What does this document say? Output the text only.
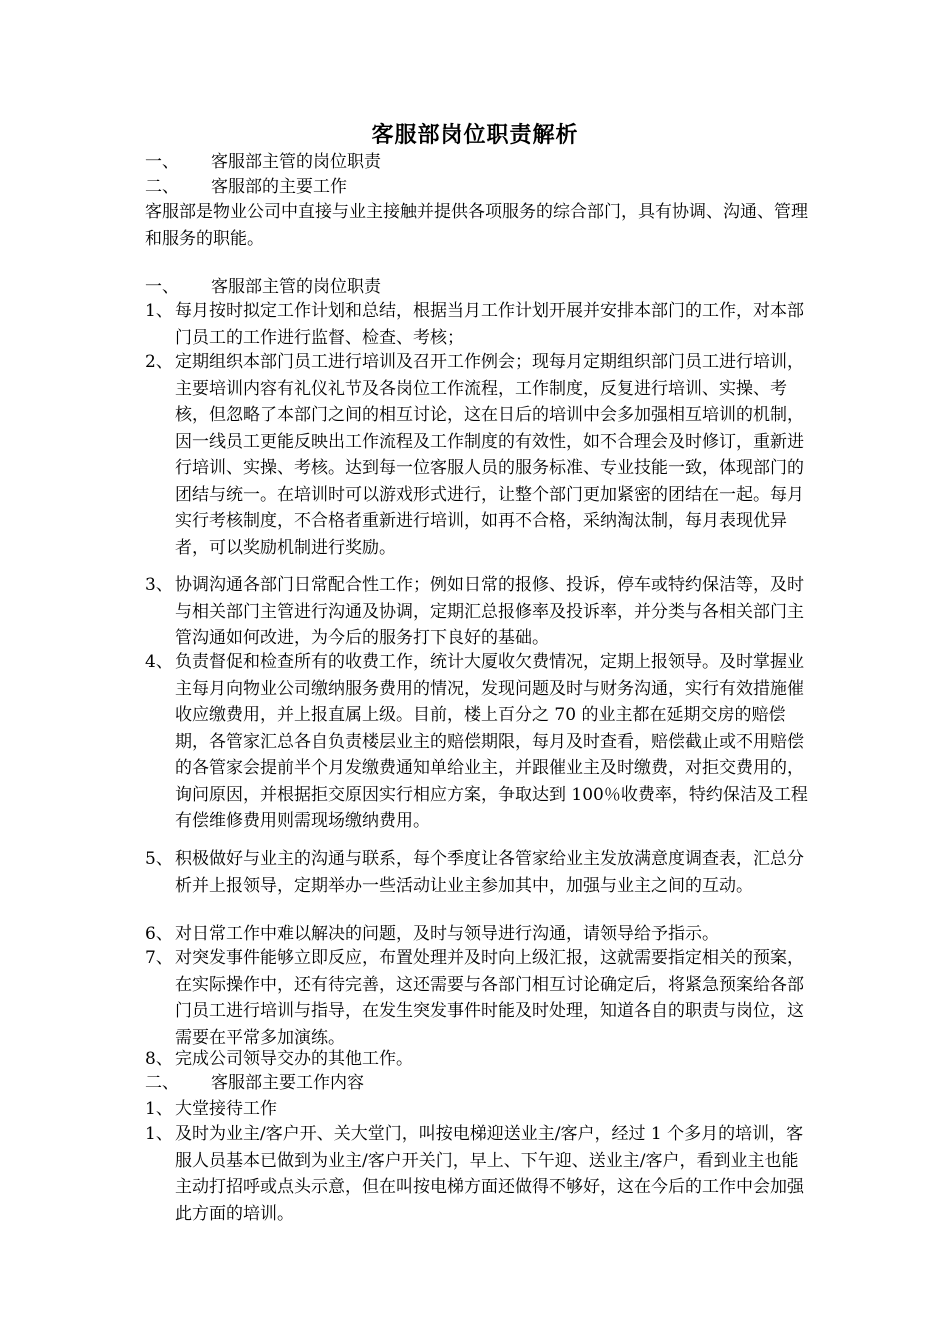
客服部岗位职责解析
一、 客服部主管的岗位职责
二、 客服部的主要工作
客服部是物业公司中直接与业主接触并提供各项服务的综合部门，具有协调、沟通、管理和服务的职能。
一、 客服部主管的岗位职责
1、 每月按时拟定工作计划和总结，根据当月工作计划开展并安排本部门的工作，对本部门员工的工作进行监督、检查、考核；
2、 定期组织本部门员工进行培训及召开工作例会；现每月定期组织部门员工进行培训，主要培训内容有礼仪礼节及各岗位工作流程，工作制度，反复进行培训、实操、考核，但忽略了本部门之间的相互讨论，这在日后的培训中会多加强相互培训的机制，因一线员工更能反映出工作流程及工作制度的有效性，如不合理会及时修订，重新进行培训、实操、考核。达到每一位客服人员的服务标准、专业技能一致，体现部门的团结与统一。在培训时可以游戏形式进行，让整个部门更加紧密的团结在一起。每月实行考核制度，不合格者重新进行培训，如再不合格，采纳淘汰制，每月表现优异者，可以奖励机制进行奖励。
3、 协调沟通各部门日常配合性工作；例如日常的报修、投诉，停车或特约保洁等，及时与相关部门主管进行沟通及协调，定期汇总报修率及投诉率，并分类与各相关部门主管沟通如何改进，为今后的服务打下良好的基础。
4、 负责督促和检查所有的收费工作，统计大厦收欠费情况，定期上报领导。及时掌握业主每月向物业公司缴纳服务费用的情况，发现问题及时与财务沟通，实行有效措施催收应缴费用，并上报直属上级。目前，楼上百分之 70 的业主都在延期交房的赔偿期，各管家汇总各自负责楼层业主的赔偿期限，每月及时查看，赔偿截止或不用赔偿的各管家会提前半个月发缴费通知单给业主，并跟催业主及时缴费，对拒交费用的，询问原因，并根据拒交原因实行相应方案，争取达到 100％收费率，特约保洁及工程有偿维修费用则需现场缴纳费用。
5、 积极做好与业主的沟通与联系，每个季度让各管家给业主发放满意度调查表，汇总分析并上报领导，定期举办一些活动让业主参加其中，加强与业主之间的互动。
6、 对日常工作中难以解决的问题，及时与领导进行沟通，请领导给予指示。
7、 对突发事件能够立即反应，布置处理并及时向上级汇报，这就需要指定相关的预案，在实际操作中，还有待完善，这还需要与各部门相互讨论确定后，将紧急预案给各部门员工进行培训与指导，在发生突发事件时能及时处理，知道各自的职责与岗位，这需要在平常多加演练。
8、 完成公司领导交办的其他工作。
二、 客服部主要工作内容
1、 大堂接待工作
1、 及时为业主/客户开、关大堂门，叫按电梯迎送业主/客户，经过 1 个多月的培训，客服人员基本已做到为业主/客户开关门，早上、下午迎、送业主/客户，看到业主也能主动打招呼或点头示意，但在叫按电梯方面还做得不够好，这在今后的工作中会加强此方面的培训。
